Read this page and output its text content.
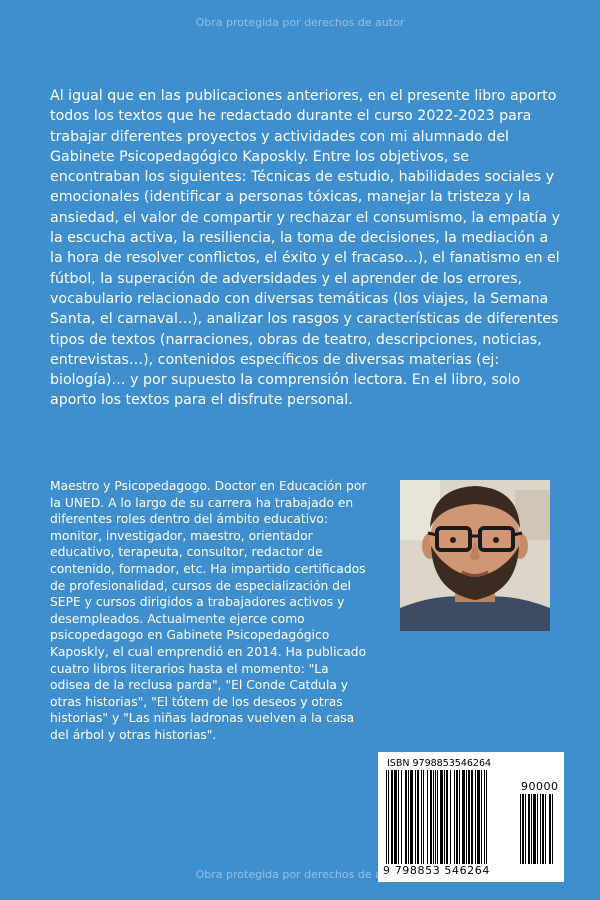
Obra protegida por derechos de autor

Al igual que en las publicaciones anteriores, en el presente libro aporto todos los textos que he redactado durante el curso 2022-2023 para trabajar diferentes proyectos y actividades con mi alumnado del Gabinete Psicopedagógico Kaposkly. Entre los objetivos, se encontraban los siguientes: Técnicas de estudio, habilidades sociales y emocionales (identificar a personas tóxicas, manejar la tristeza y la ansiedad, el valor de compartir y rechazar el consumismo, la empatía y la escucha activa, la resiliencia, la toma de decisiones, la mediación a la hora de resolver conflictos, el éxito y el fracaso…), el fanatismo en el fútbol, la superación de adversidades y el aprender de los errores, vocabulario relacionado con diversas temáticas (los viajes, la Semana Santa, el carnaval…), analizar los rasgos y características de diferentes tipos de textos (narraciones, obras de teatro, descripciones, noticias, entrevistas…), contenidos específicos de diversas materias (ej: biología)… y por supuesto la comprensión lectora. En el libro, solo aporto los textos para el disfrute personal.

Maestro y Psicopedagogo. Doctor en Educación por la UNED. A lo largo de su carrera ha trabajado en diferentes roles dentro del ámbito educativo: monitor, investigador, maestro, orientador educativo, terapeuta, consultor, redactor de contenido, formador, etc. Ha impartido certificados de profesionalidad, cursos de especialización del SEPE y cursos dirigidos a trabajadores activos y desempleados. Actualmente ejerce como psicopedagogo en Gabinete Psicopedagógico Kaposkly, el cual emprendió en 2014. Ha publicado cuatro libros literarios hasta el momento: "La odisea de la reclusa parda", "El Conde Catdula y otras historias", "El tótem de los deseos y otras historias" y "Las niñas ladronas vuelven a la casa del árbol y otras historias".

ISBN 9798853546264

90000

9 798853 546264

Obra protegida por derechos de autor
